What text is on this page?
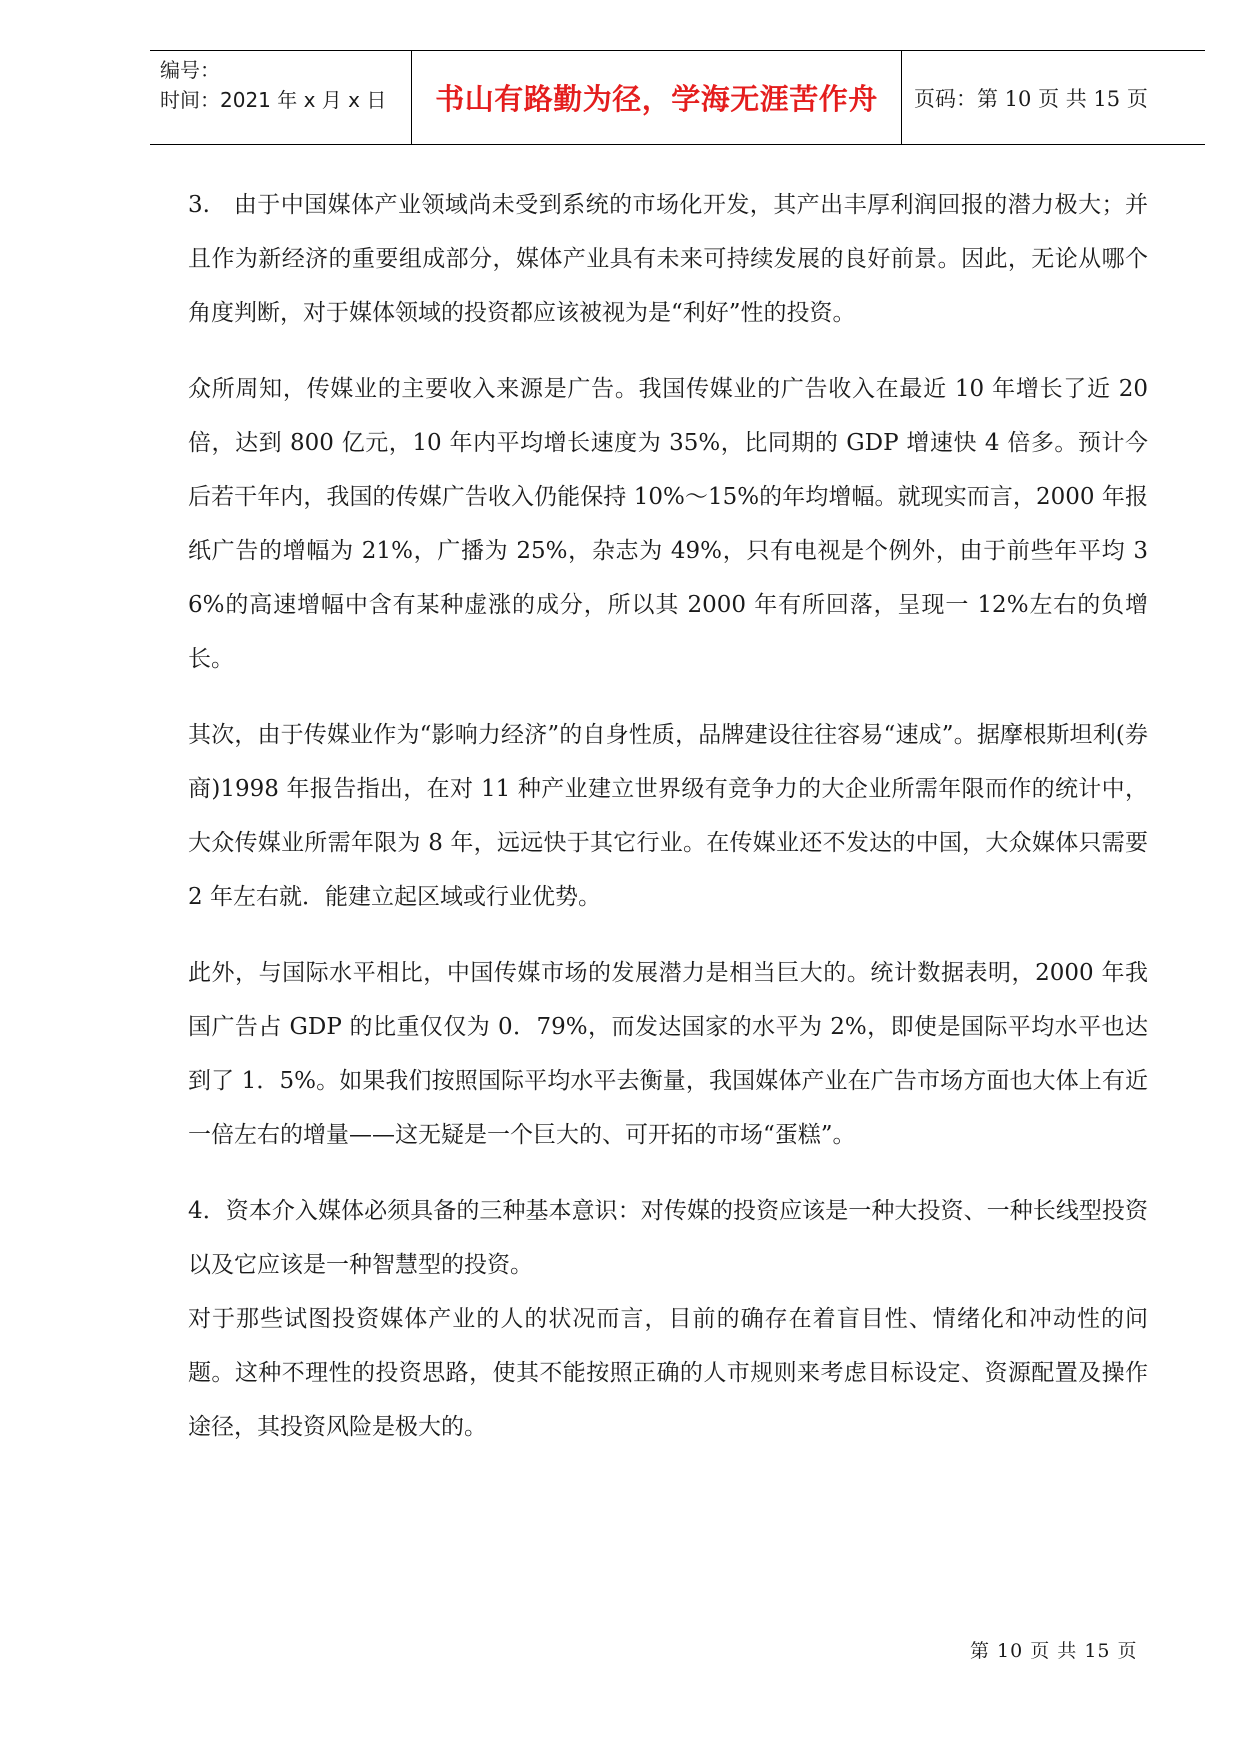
编号：
时间：2021 年 x 月 x 日	书山有路勤为径，学海无涯苦作舟	页码：第 10 页 共 15 页

3.　由于中国媒体产业领域尚未受到系统的市场化开发，其产出丰厚利润回报的潜力极大；并且作为新经济的重要组成部分，媒体产业具有未来可持续发展的良好前景。因此，无论从哪个角度判断，对于媒体领域的投资都应该被视为是“利好”性的投资。

众所周知，传媒业的主要收入来源是广告。我国传媒业的广告收入在最近 10 年增长了近 20 倍，达到 800 亿元，10 年内平均增长速度为 35%，比同期的 GDP 增速快 4 倍多。预计今后若干年内，我国的传媒广告收入仍能保持 10%～15%的年均增幅。就现实而言，2000 年报纸广告的增幅为 21%，广播为 25%，杂志为 49%，只有电视是个例外，由于前些年平均 36%的高速增幅中含有某种虚涨的成分，所以其 2000 年有所回落，呈现一 12%左右的负增长。

其次，由于传媒业作为“影响力经济”的自身性质，品牌建设往往容易“速成”。据摩根斯坦利(券商)1998 年报告指出，在对 11 种产业建立世界级有竞争力的大企业所需年限而作的统计中，大众传媒业所需年限为 8 年，远远快于其它行业。在传媒业还不发达的中国，大众媒体只需要 2 年左右就．能建立起区域或行业优势。

此外，与国际水平相比，中国传媒市场的发展潜力是相当巨大的。统计数据表明，2000 年我国广告占 GDP 的比重仅仅为 0．79%，而发达国家的水平为 2%，即使是国际平均水平也达到了 1．5%。如果我们按照国际平均水平去衡量，我国媒体产业在广告市场方面也大体上有近一倍左右的增量——这无疑是一个巨大的、可开拓的市场“蛋糕”。

4．资本介入媒体必须具备的三种基本意识：对传媒的投资应该是一种大投资、一种长线型投资以及它应该是一种智慧型的投资。

对于那些试图投资媒体产业的人的状况而言，目前的确存在着盲目性、情绪化和冲动性的问题。这种不理性的投资思路，使其不能按照正确的人市规则来考虑目标设定、资源配置及操作途径，其投资风险是极大的。

第 10 页 共 15 页
